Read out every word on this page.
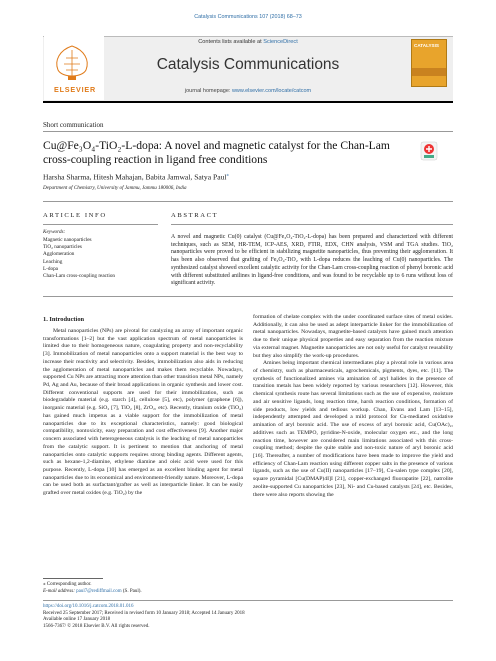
Catalysis Communications 107 (2018) 68–73
ELSEVIER
Contents lists available at ScienceDirect
Catalysis Communications
journal homepage: www.elsevier.com/locate/catcom
CATALYSIS
Short communication
Cu@Fe₃O₄-TiO₂-L-dopa: A novel and magnetic catalyst for the Chan-Lam cross-coupling reaction in ligand free conditions
Harsha Sharma, Hitesh Mahajan, Babita Jamwal, Satya Paul⁎
Department of Chemistry, University of Jammu, Jammu 180006, India
ARTICLE INFO
Keywords:
Magnetic nanoparticles
TiO₂ nanoparticles
Agglomeration
Leaching
L-dopa
Chan-Lam cross-coupling reaction
ABSTRACT
A novel and magnetic Cu(0) catalyst (Cu@Fe₃O₄-TiO₂-L-dopa) has been prepared and characterized with different techniques, such as SEM, HR-TEM, ICP-AES, XRD, FTIR, EDX, CHN analysis, VSM and TGA studies. TiO₂ nanoparticles were proved to be efficient in stabilizing magnetite nanoparticles, thus preventing their agglomeration. It has been also observed that grafting of Fe₃O₄-TiO₂ with L-dopa reduces the leaching of Cu(0) nanoparticles. The synthesized catalyst showed excellent catalytic activity for the Chan-Lam cross-coupling reaction of phenyl boronic acid with different substituted anilines in ligand-free conditions, and was found to be recyclable up to 6 runs without loss of significant activity.
1. Introduction

Metal nanoparticles (NPs) are pivotal for catalyzing an array of important organic transformations [1–2] but the vast application spectrum of metal nanoparticles is limited due to their homogeneous nature, coagulating property and non-recyclability [3]. Immobilization of metal nanoparticles onto a support material is the best way to increase their reactivity and selectivity. Besides, immobilization also aids in reducing the agglomeration of metal nanoparticles and makes them recyclable. Nowadays, supported Cu NPs are attracting more attention than other transition metal NPs, namely Pd, Ag and Au, because of their broad applications in organic synthesis and lower cost. Different conventional supports are used for their immobilization, such as biodegradable material (e.g. starch [4], cellulose [5], etc), polymer (graphene [6]), inorganic material (e.g. SiO₂ [7], TiO₂ [8], ZrO₂, etc). Recently, titanium oxide (TiO₂) has gained much impetus as a viable support for the immobilization of metal nanoparticles due to its exceptional characteristics, namely: good biological compatibility, nontoxicity, easy preparation and cost effectiveness [9]. Another major concern associated with heterogeneous catalysis is the leaching of metal nanoparticles from the catalytic support. It is pertinent to mention that anchoring of metal nanoparticles onto catalytic supports requires strong binding agents. Different agents, such as hexane-1,2-diamine, ethylene diamine and oleic acid were used for this purpose. Recently, L-dopa [10] has emerged as an excellent binding agent for metal nanoparticles due to its economical and environment-friendly nature. Moreover, L-dopa can be used both as surfactant/grafter as well as interparticle linker. It can be easily grafted over metal oxides (e.g. TiO₂) by the

formation of chelate complex with the under coordinated surface sites of metal oxides. Additionally, it can also be used as adept interparticle linker for the immobilization of metal nanoparticles. Nowadays, magnetite-based catalysts have gained much attention due to their unique physical properties and easy separation from the reaction mixture via external magnet. Magnetite nanoparticles are not only useful for catalyst reusability but they also simplify the work-up procedures.

Amines being important chemical intermediates play a pivotal role in various area of chemistry, such as pharmaceuticals, agrochemicals, pigments, dyes, etc. [11]. The synthesis of functionalized amines via amination of aryl halides in the presence of transition metals has been widely reported by various researchers [12]. However, this chemical synthesis route has several limitations such as the use of expensive, moisture and air sensitive ligands, long reaction time, harsh reaction conditions, formation of side products, low yields and tedious workup. Chan, Evans and Lam [13–15], independently attempted and developed a mild protocol for Cu-mediated oxidative amination of aryl boronic acid. The use of excess of aryl boronic acid, Cu(OAc)₂, additives such as TEMPO, pyridine-N-oxide, molecular oxygen etc., and the long reaction time, however are considered main limitations associated with this cross-coupling method; despite the quite stable and non-toxic nature of aryl boronic acid [16]. Thereafter, a number of modifications have been made to improve the yield and efficiency of Chan-Lam reaction using different copper salts in the presence of various ligands, such as the use of Cu(II) nanoparticles [17–19], Cu-salen type complex [20], square pyramidal [Cu(DMAP)4I]I [21], copper-exchanged fluorapatite [22], natrolite zeolite-supported Cu nanoparticles [23], Ni- and Cu-based catalysts [24], etc. Besides, there were also reports showing the

⁎ Corresponding author.
E-mail address: paul7@rediffmail.com (S. Paul).
https://doi.org/10.1016/j.catcom.2018.01.016
Received 25 September 2017; Received in revised form 10 January 2018; Accepted 14 January 2018
Available online 17 January 2018
1566-7367/ © 2018 Elsevier B.V. All rights reserved.
